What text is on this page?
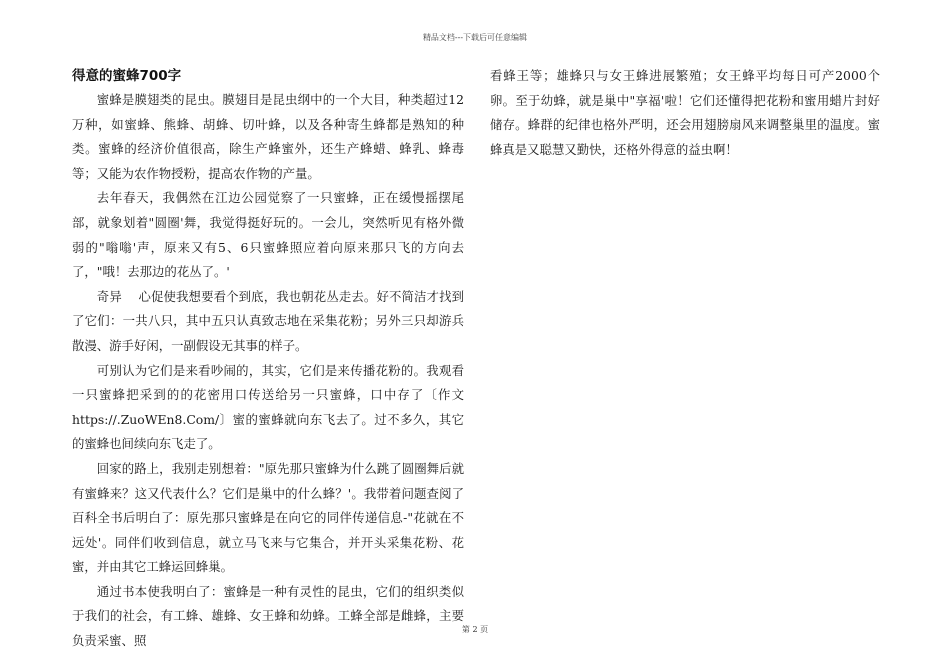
精品文档---下载后可任意编辑
得意的蜜蜂700字

蜜蜂是膜翅类的昆虫。膜翅目是昆虫纲中的一个大目，种类超过12万种，如蜜蜂、熊蜂、胡蜂、切叶蜂，以及各种寄生蜂都是熟知的种类。蜜蜂的经济价值很高，除生产蜂蜜外，还生产蜂蜡、蜂乳、蜂毒等；又能为农作物授粉，提高农作物的产量。

去年春天，我偶然在江边公园觉察了一只蜜蜂，正在缓慢摇摆尾部，就象划着"圆圈'舞，我觉得挺好玩的。一会儿，突然听见有格外微弱的"嗡嗡'声，原来又有5、6只蜜蜂照应着向原来那只飞的方向去了，"哦！去那边的花丛了。'

奇异　 心促使我想要看个到底，我也朝花丛走去。好不简洁才找到了它们：一共八只，其中五只认真致志地在采集花粉；另外三只却游兵散漫、游手好闲，一副假设无其事的样子。

可别认为它们是来看吵闹的，其实，它们是来传播花粉的。我观看一只蜜蜂把采到的的花密用口传送给另一只蜜蜂，口中存了〔作文https://.ZuoWEn8.Com/〕蜜的蜜蜂就向东飞去了。过不多久，其它的蜜蜂也间续向东飞走了。

回家的路上，我别走别想着："原先那只蜜蜂为什么跳了圆圈舞后就有蜜蜂来？这又代表什么？它们是巢中的什么蜂？'。我带着问题查阅了百科全书后明白了：原先那只蜜蜂是在向它的同伴传递信息-"花就在不远处'。同伴们收到信息，就立马飞来与它集合，并开头采集花粉、花蜜，并由其它工蜂运回蜂巢。

通过书本使我明白了：蜜蜂是一种有灵性的昆虫，它们的组织类似于我们的社会，有工蜂、雄蜂、女王蜂和幼蜂。工蜂全部是雌蜂，主要负责采蜜、照

看蜂王等；雄蜂只与女王蜂进展繁殖；女王蜂平均每日可产2000个卵。至于幼蜂，就是巢中"享福'啦！它们还懂得把花粉和蜜用蜡片封好储存。蜂群的纪律也格外严明，还会用翅膀扇风来调整巢里的温度。蜜蜂真是又聪慧又勤快，还格外得意的益虫啊！

第 2 页
